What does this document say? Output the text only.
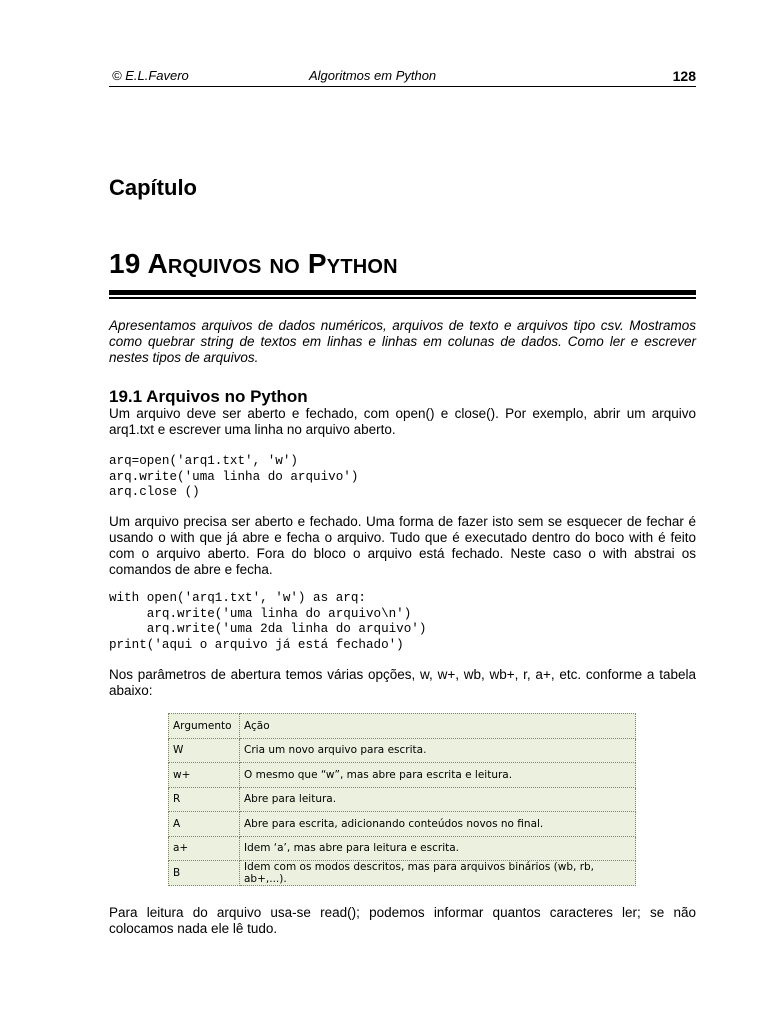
© E.L.Favero	Algoritmos em Python	128
Capítulo
19 Arquivos no Python
Apresentamos arquivos de dados numéricos, arquivos de texto e arquivos tipo csv. Mostramos como quebrar string de textos em linhas e linhas em colunas de dados. Como ler e escrever nestes tipos de arquivos.
19.1 Arquivos no Python
Um arquivo deve ser aberto e fechado, com open() e close(). Por exemplo, abrir um arquivo arq1.txt e escrever uma linha no arquivo aberto.
arq=open('arq1.txt', 'w')
arq.write('uma linha do arquivo')
arq.close ()
Um arquivo precisa ser aberto e fechado. Uma forma de fazer isto sem se esquecer de fechar é usando o with que já abre e fecha o arquivo. Tudo que é executado dentro do boco with é feito com o arquivo aberto. Fora do bloco o arquivo está fechado. Neste caso o with abstrai os comandos de abre e fecha.
with open('arq1.txt', 'w') as arq:
arq.write('uma linha do arquivo\n')
arq.write('uma 2da linha do arquivo')
print('aqui o arquivo já está fechado')
Nos parâmetros de abertura temos várias opções, w, w+, wb, wb+, r, a+, etc. conforme a tabela abaixo:
Argumento	Ação
W	Cria um novo arquivo para escrita.
w+	O mesmo que “w”, mas abre para escrita e leitura.
R	Abre para leitura.
A	Abre para escrita, adicionando conteúdos novos no final.
a+	Idem ‘a’, mas abre para leitura e escrita.
B	Idem com os modos descritos, mas para arquivos binários (wb, rb, ab+,...).
Para leitura do arquivo usa-se read(); podemos informar quantos caracteres ler; se não colocamos nada ele lê tudo.
